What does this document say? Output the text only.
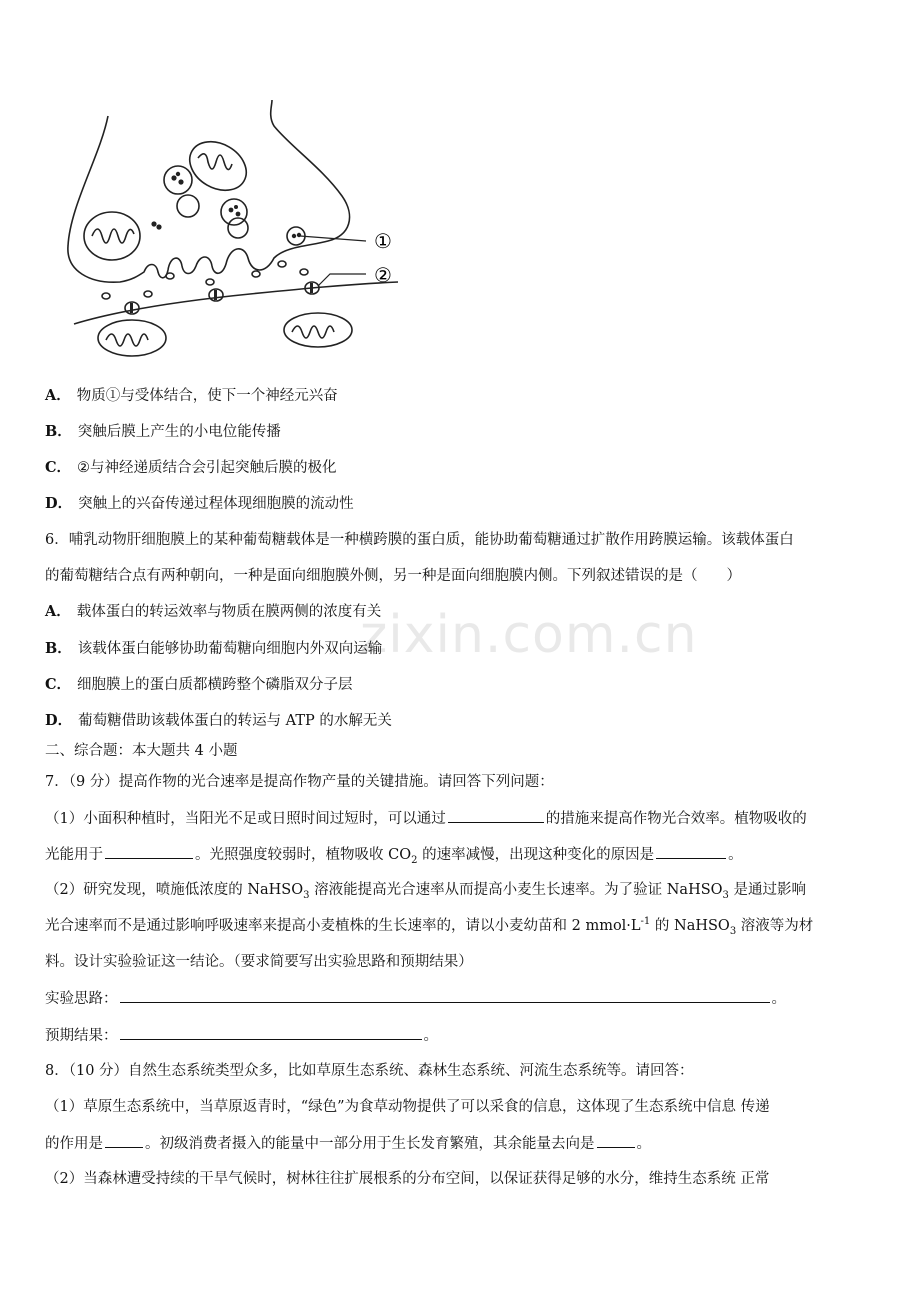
①
②
zixin.com.cn
A． 物质①与受体结合，使下一个神经元兴奋
B． 突触后膜上产生的小电位能传播
C． ②与神经递质结合会引起突触后膜的极化
D． 突触上的兴奋传递过程体现细胞膜的流动性
6．哺乳动物肝细胞膜上的某种葡萄糖载体是一种横跨膜的蛋白质，能协助葡萄糖通过扩散作用跨膜运输。该载体蛋白
的葡萄糖结合点有两种朝向，一种是面向细胞膜外侧，另一种是面向细胞膜内侧。下列叙述错误的是（　　）
A． 载体蛋白的转运效率与物质在膜两侧的浓度有关
B． 该载体蛋白能够协助葡萄糖向细胞内外双向运输
C． 细胞膜上的蛋白质都横跨整个磷脂双分子层
D． 葡萄糖借助该载体蛋白的转运与 ATP 的水解无关
二、综合题：本大题共 4 小题
7．（9 分）提高作物的光合速率是提高作物产量的关键措施。请回答下列问题：
（1）小面积种植时，当阳光不足或日照时间过短时，可以通过	的措施来提高作物光合效率。植物吸收的
光能用于	。光照强度较弱时，植物吸收 $CO_2$ 的速率减慢，出现这种变化的原因是	。
（2）研究发现，喷施低浓度的 NaHSO$_3$ 溶液能提高光合速率从而提高小麦生长速率。为了验证 NaHSO$_3$ 是通过影响
光合速率而不是通过影响呼吸速率来提高小麦植株的生长速率的，请以小麦幼苗和 2 $mmol\cdot L^{-1}$ 的 NaHSO$_3$ 溶液等为材
料。设计实验验证这一结论。（要求简要写出实验思路和预期结果）
实验思路：	。
预期结果：	。
8．（10 分）自然生态系统类型众多，比如草原生态系统、森林生态系统、河流生态系统等。请回答：
（1）草原生态系统中，当草原返青时，“绿色”为食草动物提供了可以采食的信息，这体现了生态系统中信息 传递
的作用是	。初级消费者摄入的能量中一部分用于生长发育繁殖，其余能量去向是	。
（2）当森林遭受持续的干旱气候时，树林往往扩展根系的分布空间，以保证获得足够的水分，维持生态系统 正常
